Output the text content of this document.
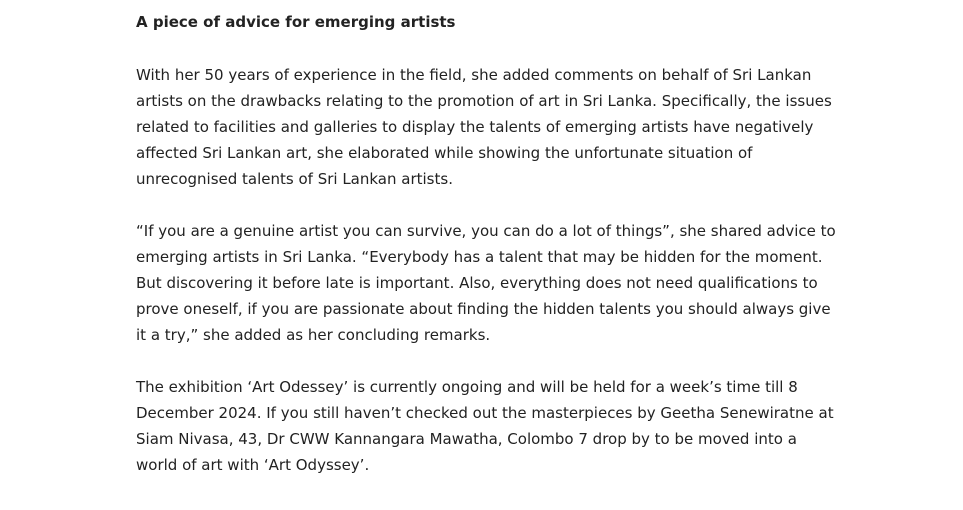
A piece of advice for emerging artists

With her 50 years of experience in the field, she added comments on behalf of Sri Lankan artists on the drawbacks relating to the promotion of art in Sri Lanka. Specifically, the issues related to facilities and galleries to display the talents of emerging artists have negatively affected Sri Lankan art, she elaborated while showing the unfortunate situation of unrecognised talents of Sri Lankan artists.

“If you are a genuine artist you can survive, you can do a lot of things”, she shared advice to emerging artists in Sri Lanka. “Everybody has a talent that may be hidden for the moment. But discovering it before late is important. Also, everything does not need qualifications to prove oneself, if you are passionate about finding the hidden talents you should always give it a try,” she added as her concluding remarks.

The exhibition ‘Art Odessey’ is currently ongoing and will be held for a week’s time till 8 December 2024. If you still haven’t checked out the masterpieces by Geetha Senewiratne at Siam Nivasa, 43, Dr CWW Kannangara Mawatha, Colombo 7 drop by to be moved into a world of art with ‘Art Odyssey’.
